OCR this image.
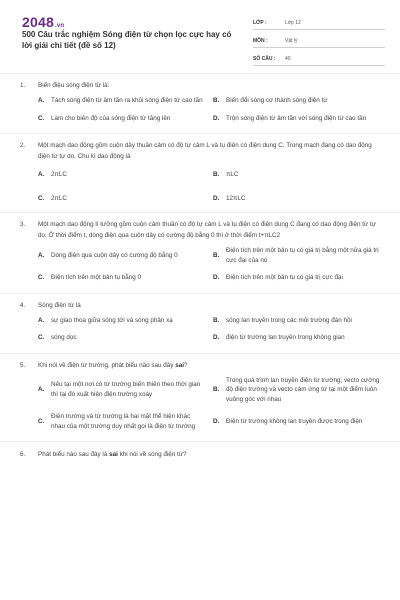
2048.vn
500 Câu trắc nghiệm Sóng điện từ chọn lọc cực hay có lời giải chi tiết (đề số 12)
LỚP :	Lớp 12
MÔN :	Vật lý
SỐ CÂU :	40
1.	Biến điệu sóng điện từ là:
A.	Tách sóng điện từ âm tần ra khỏi sóng điện từ cao tần	B.	Biến đổi sóng cơ thành sóng điện từ
C.	Làm cho biên độ của sóng điện từ tăng lên	D.	Trộn sóng điện từ âm tần với sóng điện từ cao tần
2.	Một mạch dao động gồm cuộn dây thuần cảm có độ tự cảm L và tụ điện có điện dung C. Trong mạch đang có dao động điện từ tự do. Chu kì dao động là
A.	2πLC	B.	πLC
C.	2πLC	D.	12πLC
3.	Một mạch dao động lí tưởng gồm cuộn cảm thuần có độ tự cảm L và tụ điện có điện dung C đang có dao động điện từ tự do. Ở thời điểm t, dòng điện qua cuộn dây có cường độ bằng 0 thì ở thời điểm t+πLC2
A.	Dòng điện qua cuộn dây có cường độ bằng 0	B.
Điện tích trên một bản tụ có giá trị bằng một nửa giá trị cực đại của nó
C.	Điện tích trên một bản tụ bằng 0	D.	Điện tích trên một bản tụ có giá trị cực đại
4.	Sóng điện từ là
A.	sự giao thoa giữa sóng tới và sóng phản xạ	B.	sóng lan truyền trong các môi trường đàn hồi
C.	sóng dọc	D.	điện từ trường lan truyền trong không gian
5.	Khi nói về điện từ trường, phát biểu nào sau đây sai?
A.
Nếu tại một nơi có từ trường biến thiên theo thời gian thì tại đó xuất hiện điện trường xoáy
B.
Trong quá trình lan truyền điện từ trường, vecto cường độ điện trường và vecto cảm ứng từ tại một điểm luôn vuông góc với nhau
C.
Điện trường và từ trường là hai mặt thể hiện khác nhau của một trường duy nhất gọi là điện từ trường
D.	Điện từ trường không lan truyền được trong điện
6.	Phát biểu nào sau đây là sai khi nói về sóng điện từ?
